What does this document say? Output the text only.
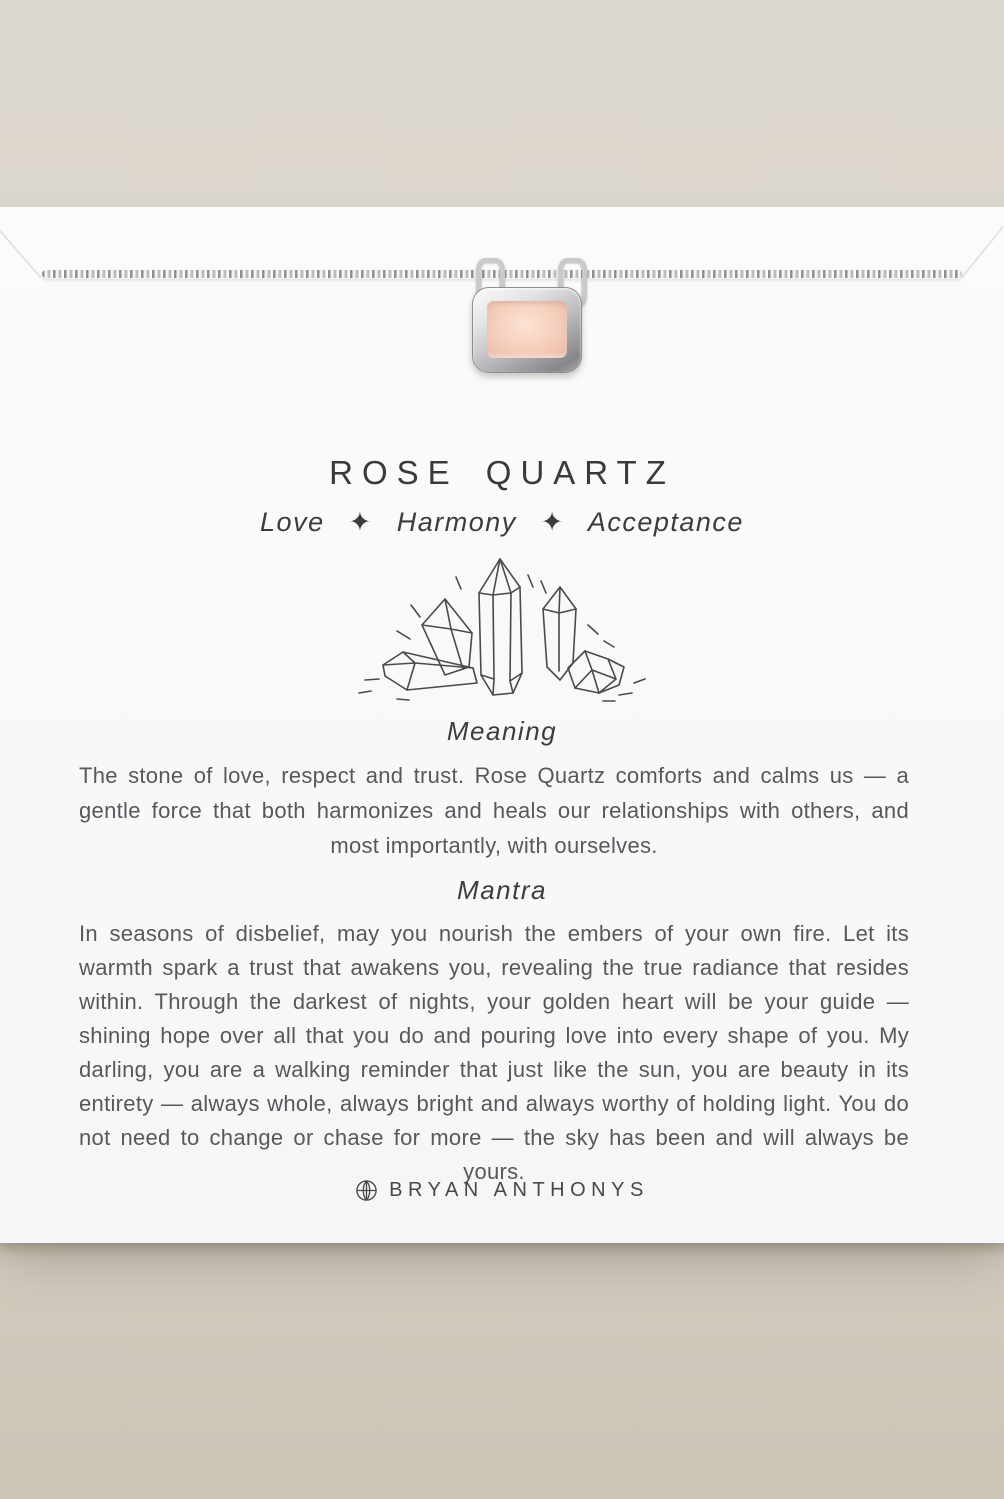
ROSE QUARTZ
Love ✦ Harmony ✦ Acceptance
Meaning
The stone of love, respect and trust. Rose Quartz comforts and calms us — a gentle force that both harmonizes and heals our relationships with others, and most importantly, with ourselves.
Mantra
In seasons of disbelief, may you nourish the embers of your own fire. Let its warmth spark a trust that awakens you, revealing the true radiance that resides within. Through the darkest of nights, your golden heart will be your guide — shining hope over all that you do and pouring love into every shape of you. My darling, you are a walking reminder that just like the sun, you are beauty in its entirety — always whole, always bright and always worthy of holding light. You do not need to change or chase for more — the sky has been and will always be yours.
BRYAN ANTHONYS
